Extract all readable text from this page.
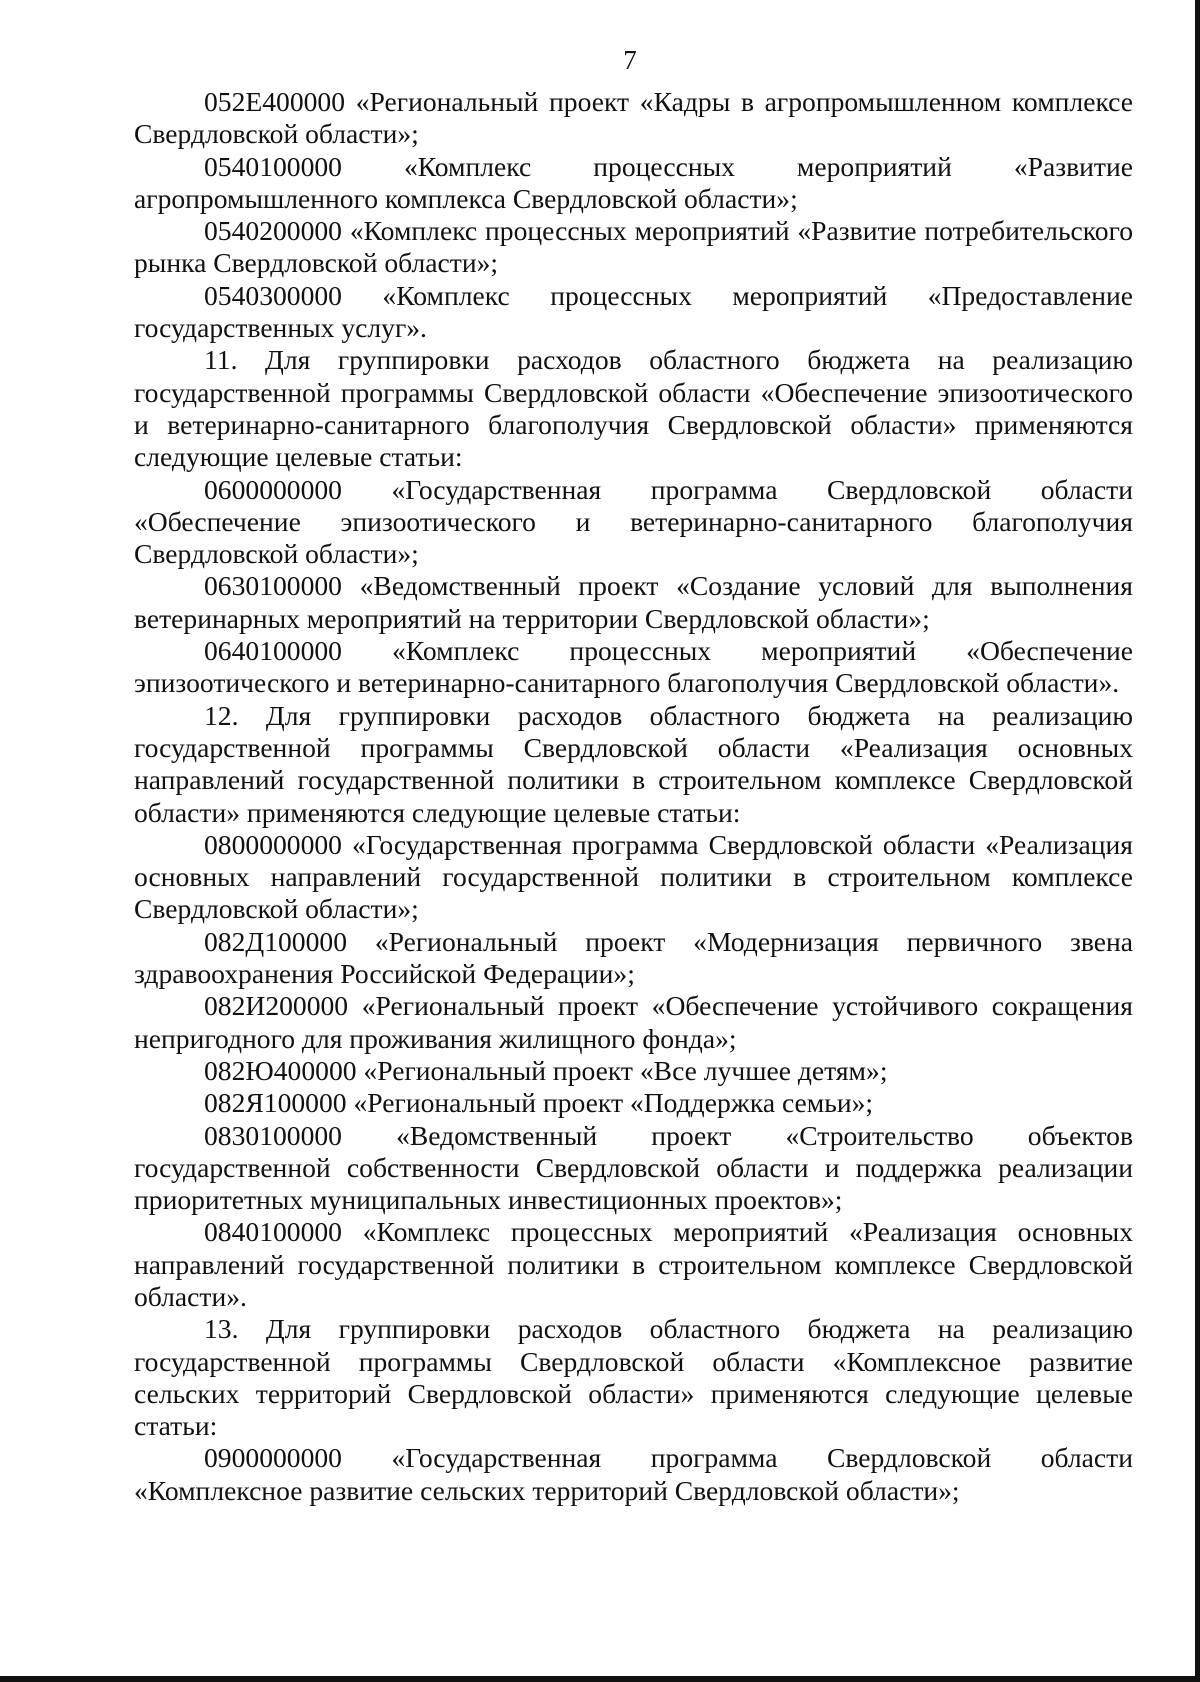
7

052Е400000 «Региональный проект «Кадры в агропромышленном комплексе Свердловской области»;

0540100000 «Комплекс процессных мероприятий «Развитие агропромышленного комплекса Свердловской области»;

0540200000 «Комплекс процессных мероприятий «Развитие потребительского рынка Свердловской области»;

0540300000 «Комплекс процессных мероприятий «Предоставление государственных услуг».

11. Для группировки расходов областного бюджета на реализацию государственной программы Свердловской области «Обеспечение эпизоотического и ветеринарно-санитарного благополучия Свердловской области» применяются следующие целевые статьи:

0600000000 «Государственная программа Свердловской области «Обеспечение эпизоотического и ветеринарно-санитарного благополучия Свердловской области»;

0630100000 «Ведомственный проект «Создание условий для выполнения ветеринарных мероприятий на территории Свердловской области»;

0640100000 «Комплекс процессных мероприятий «Обеспечение эпизоотического и ветеринарно-санитарного благополучия Свердловской области».

12. Для группировки расходов областного бюджета на реализацию государственной программы Свердловской области «Реализация основных направлений государственной политики в строительном комплексе Свердловской области» применяются следующие целевые статьи:

0800000000 «Государственная программа Свердловской области «Реализация основных направлений государственной политики в строительном комплексе Свердловской области»;

082Д100000 «Региональный проект «Модернизация первичного звена здравоохранения Российской Федерации»;

082И200000 «Региональный проект «Обеспечение устойчивого сокращения непригодного для проживания жилищного фонда»;

082Ю400000 «Региональный проект «Все лучшее детям»;

082Я100000 «Региональный проект «Поддержка семьи»;

0830100000 «Ведомственный проект «Строительство объектов государственной собственности Свердловской области и поддержка реализации приоритетных муниципальных инвестиционных проектов»;

0840100000 «Комплекс процессных мероприятий «Реализация основных направлений государственной политики в строительном комплексе Свердловской области».

13. Для группировки расходов областного бюджета на реализацию государственной программы Свердловской области «Комплексное развитие сельских территорий Свердловской области» применяются следующие целевые статьи:

0900000000 «Государственная программа Свердловской области «Комплексное развитие сельских территорий Свердловской области»;
